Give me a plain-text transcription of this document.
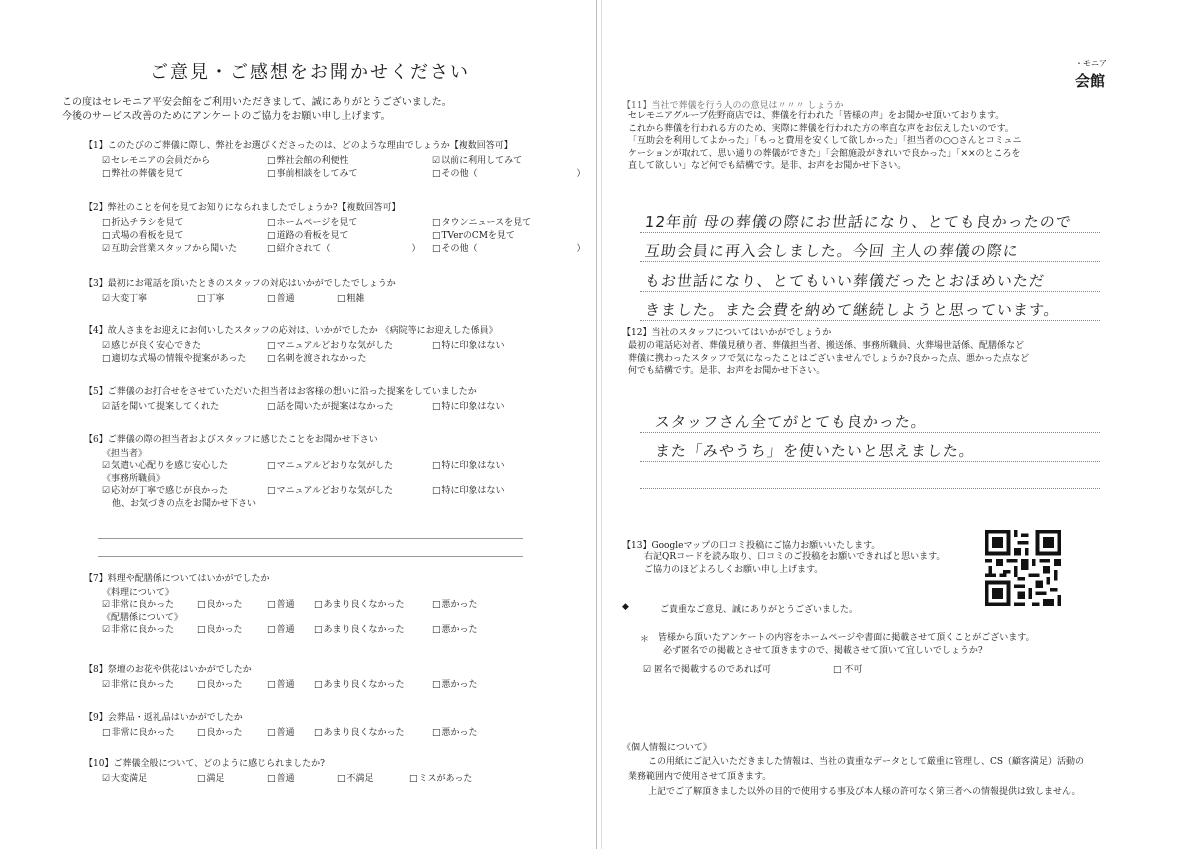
ご意見・ご感想をお聞かせください
この度はセレモニア平安会館をご利用いただきまして、誠にありがとうございました。
今後のサービス改善のためにアンケートのご協力をお願い申し上げます。
【1】このたびのご葬儀に際し、弊社をお選びくださったのは、どのような理由でしょうか【複数回答可】
☑ セレモニアの会員だから	□ 弊社会館の利便性	☑ 以前に利用してみて
□ 弊社の葬儀を見て	□ 事前相談をしてみて	□ その他（　　　　　　　　　　　）
【2】弊社のことを何を見てお知りになられましたでしょうか?【複数回答可】
□ 折込チラシを見て	□ ホームページを見て	□ タウンニュースを見て
□ 式場の看板を見て	□ 道路の看板を見て	□ TVerのCMを見て
☑ 互助会営業スタッフから聞いた	□ 紹介されて（　　　　　　　　　）	□ その他（　　　　　　　　　　　）
【3】最初にお電話を頂いたときのスタッフの対応はいかがでしたでしょうか
☑ 大変丁寧	□ 丁寧	□ 普通	□ 粗雑
【4】故人さまをお迎えにお伺いしたスタッフの応対は、いかがでしたか 《病院等にお迎えした係員》
☑ 感じが良く安心できた	□ マニュアルどおりな気がした	□ 特に印象はない
□ 適切な式場の情報や提案があった	□ 名刺を渡されなかった
【5】ご葬儀のお打合せをさせていただいた担当者はお客様の想いに沿った提案をしていましたか
☑ 話を聞いて提案してくれた	□ 話を聞いたが提案はなかった	□ 特に印象はない
【6】ご葬儀の際の担当者およびスタッフに感じたことをお聞かせ下さい
《担当者》
☑ 気遣い心配りを感じ安心した	□ マニュアルどおりな気がした	□ 特に印象はない
《事務所職員》
☑ 応対が丁寧で感じが良かった	□ マニュアルどおりな気がした	□ 特に印象はない
他、お気づきの点をお聞かせ下さい
【7】料理や配膳係についてはいかがでしたか
《料理について》
☑ 非常に良かった	□ 良かった	□ 普通	□ あまり良くなかった	□ 悪かった
《配膳係について》
☑ 非常に良かった	□ 良かった	□ 普通	□ あまり良くなかった	□ 悪かった
【8】祭壇のお花や供花はいかがでしたか
☑ 非常に良かった	□ 良かった	□ 普通	□ あまり良くなかった	□ 悪かった
【9】会葬品・返礼品はいかがでしたか
□ 非常に良かった	□ 良かった	□ 普通	□ あまり良くなかった	□ 悪かった
【10】ご葬儀全般について、どのように感じられましたか?
☑ 大変満足	□ 満足	□ 普通	□ 不満足	□ ミスがあった
・モニア
会館
【11】当社で葬儀を行う人のの意見は〃〃〃 しょうか
セレモニアグループ佐野商店では、葬儀を行われた「皆様の声」をお聞かせ頂いております。
これから葬儀を行われる方のため、実際に葬儀を行われた方の率直な声をお伝えしたいのです。
「互助会を利用してよかった」「もっと費用を安くして欲しかった」「担当者の○○さんとコミュニ
ケーションが取れて、思い通りの葬儀ができた」「会館施設がきれいで良かった」「××のところを
直して欲しい」など何でも結構です。是非、お声をお聞かせ下さい。
12年前 母の葬儀の際にお世話になり、とても良かったので
互助会員に再入会しました。今回 主人の葬儀の際に
もお世話になり、とてもいい葬儀だったとおほめいただ
きました。また会費を納めて継続しようと思っています。
【12】当社のスタッフについてはいかがでしょうか
最初の電話応対者、葬儀見積り者、葬儀担当者、搬送係、事務所職員、火葬場世話係、配膳係など
葬儀に携わったスタッフで気になったことはございませんでしょうか?良かった点、悪かった点など
何でも結構です。是非、お声をお聞かせ下さい。
スタッフさん全てがとても良かった。
また「みやうち」を使いたいと思えました。
【13】Googleマップの口コミ投稿にご協力お願いいたします。
右記QRコードを読み取り、口コミのご投稿をお願いできればと思います。
ご協力のほどよろしくお願い申し上げます。
◆	ご貴重なご意見、誠にありがとうございました。
＊ 皆様から頂いたアンケートの内容をホームページや書面に掲載させて頂くことがございます。
必ず匿名での掲載とさせて頂きますので、掲載させて頂いて宜しいでしょうか?
☑ 匿名で掲載するのであれば可	□ 不可
《個人情報について》
この用紙にご記入いただきました情報は、当社の貴重なデータとして厳重に管理し、CS（顧客満足）活動の
業務範囲内で使用させて頂きます。
上記でご了解頂きました以外の目的で使用する事及び本人様の許可なく第三者への情報提供は致しません。
